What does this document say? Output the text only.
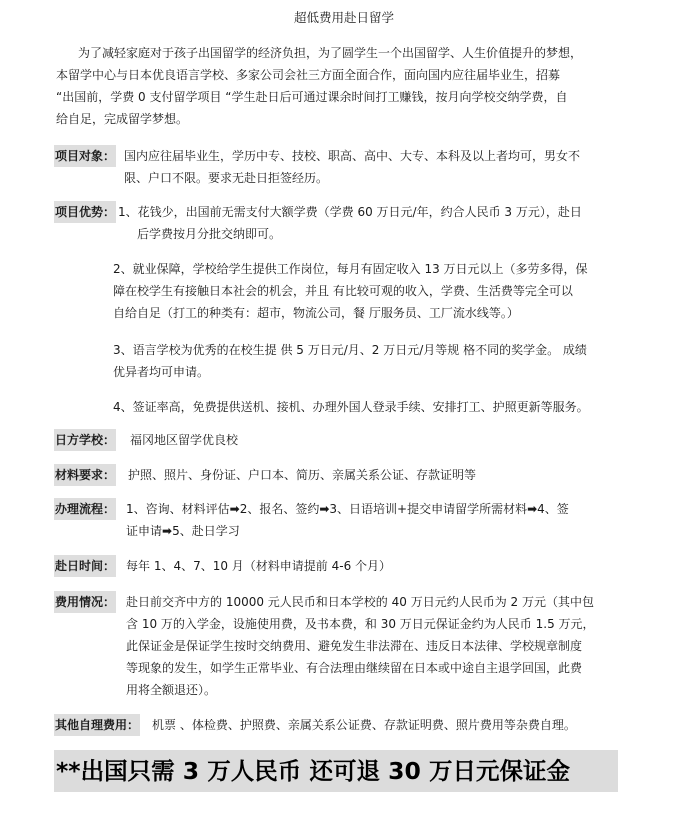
超低费用赴日留学
为了减轻家庭对于孩子出国留学的经济负担，为了圆学生一个出国留学、人生价值提升的梦想，
本留学中心与日本优良语言学校、多家公司会社三方面全面合作，面向国内应往届毕业生，招募
“出国前，学费 0 支付留学项目 “学生赴日后可通过课余时间打工赚钱，按月向学校交纳学费，自
给自足，完成留学梦想。
项目对象： 国内应往届毕业生，学历中专、技校、职高、高中、大专、本科及以上者均可，男女不
限、户口不限。要求无赴日拒签经历。
项目优势： 1、花钱少，出国前无需支付大额学费（学费 60 万日元/年，约合人民币 3 万元），赴日
后学费按月分批交纳即可。
2、就业保障，学校给学生提供工作岗位，每月有固定收入 13 万日元以上（多劳多得，保
障在校学生有接触日本社会的机会，并且 有比较可观的收入，学费、生活费等完全可以
自给自足（打工的种类有：超市，物流公司，餐 厅服务员、工厂流水线等。）
3、语言学校为优秀的在校生提 供 5 万日元/月、2 万日元/月等规 格不同的奖学金。 成绩
优异者均可申请。
4、签证率高，免费提供送机、接机、办理外国人登录手续、安排打工、护照更新等服务。
日方学校： 福冈地区留学优良校
材料要求： 护照、照片、身份证、户口本、简历、亲属关系公证、存款证明等
办理流程： 1、咨询、材料评估➡2、报名、签约➡3、日语培训+提交申请留学所需材料➡4、签
证申请➡5、赴日学习
赴日时间： 每年 1、4、7、10 月（材料申请提前 4-6 个月）
费用情况： 赴日前交齐中方的 10000 元人民币和日本学校的 40 万日元约人民币为 2 万元（其中包
含 10 万的入学金，设施使用费，及书本费，和 30 万日元保证金约为人民币 1.5 万元，
此保证金是保证学生按时交纳费用、避免发生非法滞在、违反日本法律、学校规章制度
等现象的发生，如学生正常毕业、有合法理由继续留在日本或中途自主退学回国，此费
用将全额退还）。
其他自理费用： 机票 、体检费、护照费、亲属关系公证费、存款证明费、照片费用等杂费自理。
**出国只需 3 万人民币 还可退 30 万日元保证金
